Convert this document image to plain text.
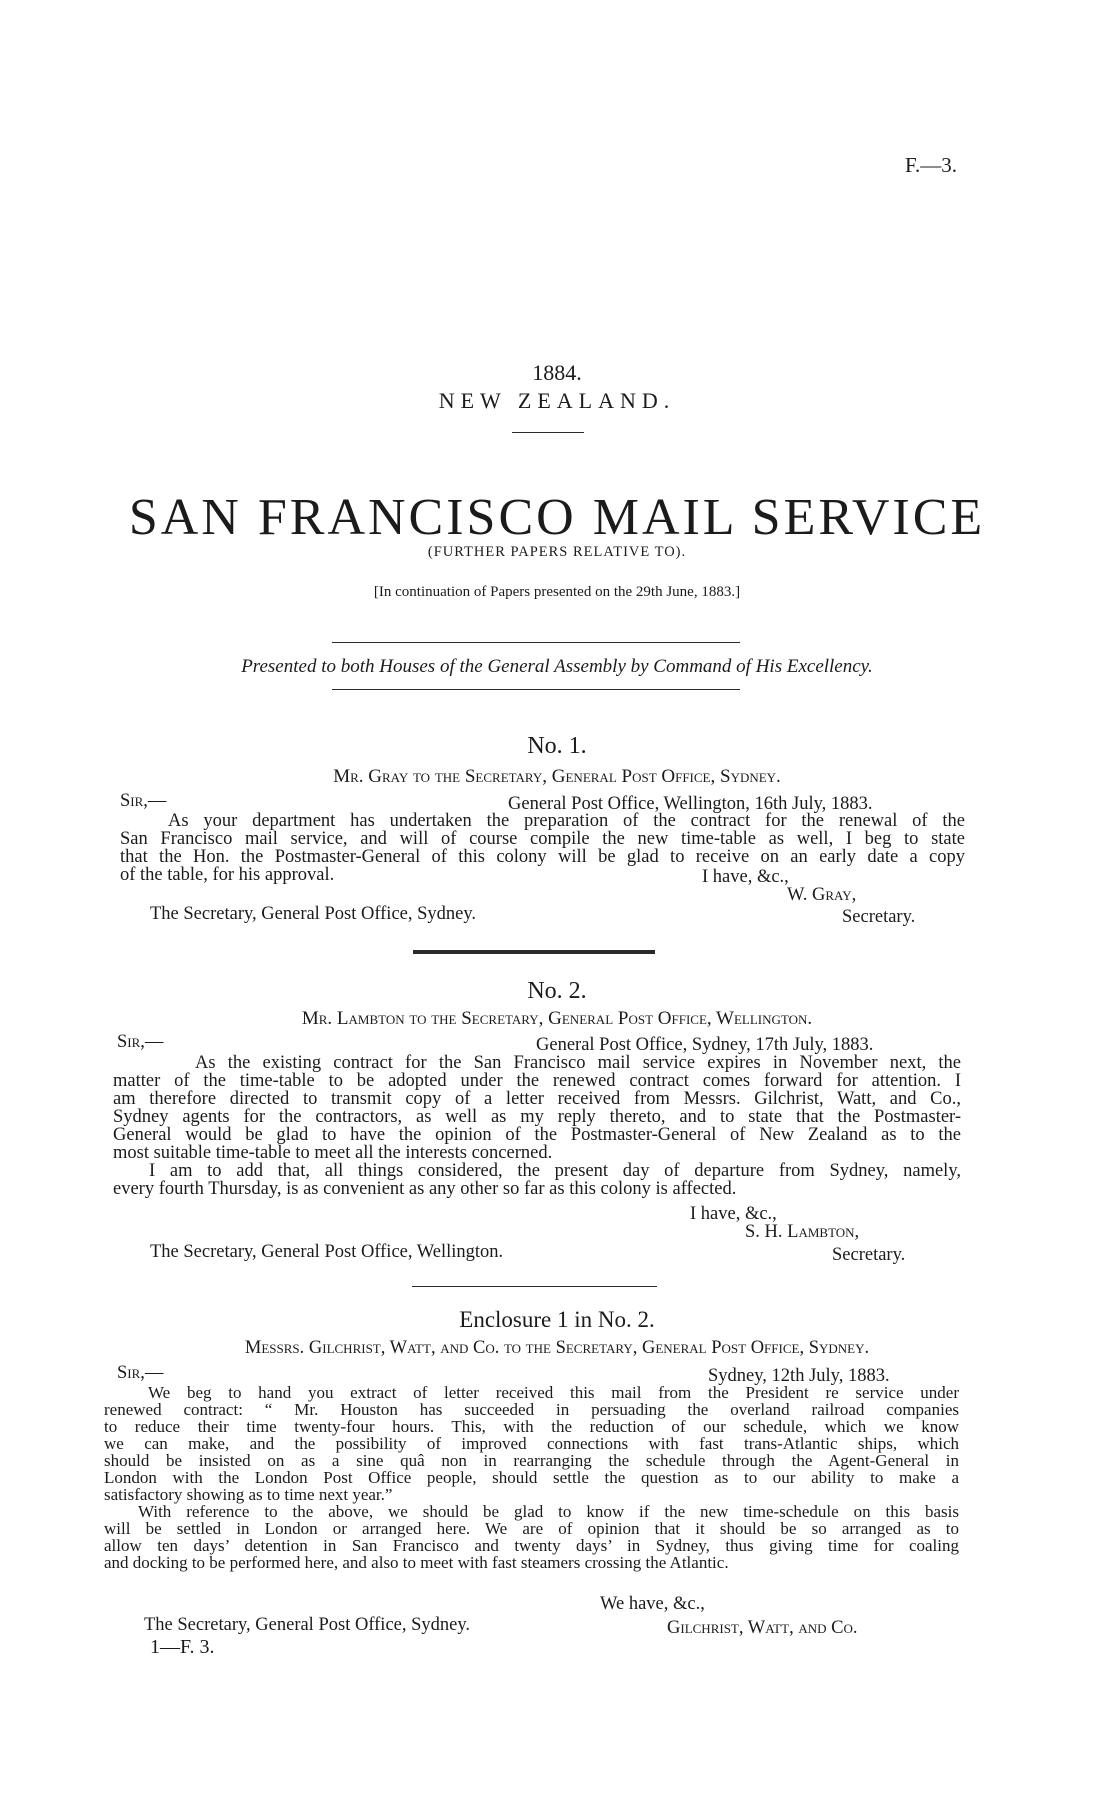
F.—3.
1884.
NEW ZEALAND.
SAN FRANCISCO MAIL SERVICE
(FURTHER PAPERS RELATIVE TO).
[In continuation of Papers presented on the 29th June, 1883.]
Presented to both Houses of the General Assembly by Command of His Excellency.
No. 1.
Mr. Gray to the Secretary, General Post Office, Sydney.
Sir,—	General Post Office, Wellington, 16th July, 1883.
As your department has undertaken the preparation of the contract for the renewal of the
San Francisco mail service, and will of course compile the new time-table as well, I beg to state
that the Hon. the Postmaster-General of this colony will be glad to receive on an early date a copy
of the table, for his approval.	I have, &c.,
W. Gray,
The Secretary, General Post Office, Sydney.	Secretary.
No. 2.
Mr. Lambton to the Secretary, General Post Office, Wellington.
Sir,—	General Post Office, Sydney, 17th July, 1883.
As the existing contract for the San Francisco mail service expires in November next, the
matter of the time-table to be adopted under the renewed contract comes forward for attention. I
am therefore directed to transmit copy of a letter received from Messrs. Gilchrist, Watt, and Co.,
Sydney agents for the contractors, as well as my reply thereto, and to state that the Postmaster-
General would be glad to have the opinion of the Postmaster-General of New Zealand as to the
most suitable time-table to meet all the interests concerned.
I am to add that, all things considered, the present day of departure from Sydney, namely,
every fourth Thursday, is as convenient as any other so far as this colony is affected.
I have, &c.,
S. H. Lambton,
The Secretary, General Post Office, Wellington.	Secretary.
Enclosure 1 in No. 2.
Messrs. Gilchrist, Watt, and Co. to the Secretary, General Post Office, Sydney.
Sir,—	Sydney, 12th July, 1883.
We beg to hand you extract of letter received this mail from the President re service under
renewed contract: “ Mr. Houston has succeeded in persuading the overland railroad companies
to reduce their time twenty-four hours. This, with the reduction of our schedule, which we know
we can make, and the possibility of improved connections with fast trans-Atlantic ships, which
should be insisted on as a sine quâ non in rearranging the schedule through the Agent-General in
London with the London Post Office people, should settle the question as to our ability to make a
satisfactory showing as to time next year.”
With reference to the above, we should be glad to know if the new time-schedule on this basis
will be settled in London or arranged here. We are of opinion that it should be so arranged as to
allow ten days’ detention in San Francisco and twenty days’ in Sydney, thus giving time for coaling
and docking to be performed here, and also to meet with fast steamers crossing the Atlantic.
We have, &c.,
The Secretary, General Post Office, Sydney.	Gilchrist, Watt, and Co.
1—F. 3.
